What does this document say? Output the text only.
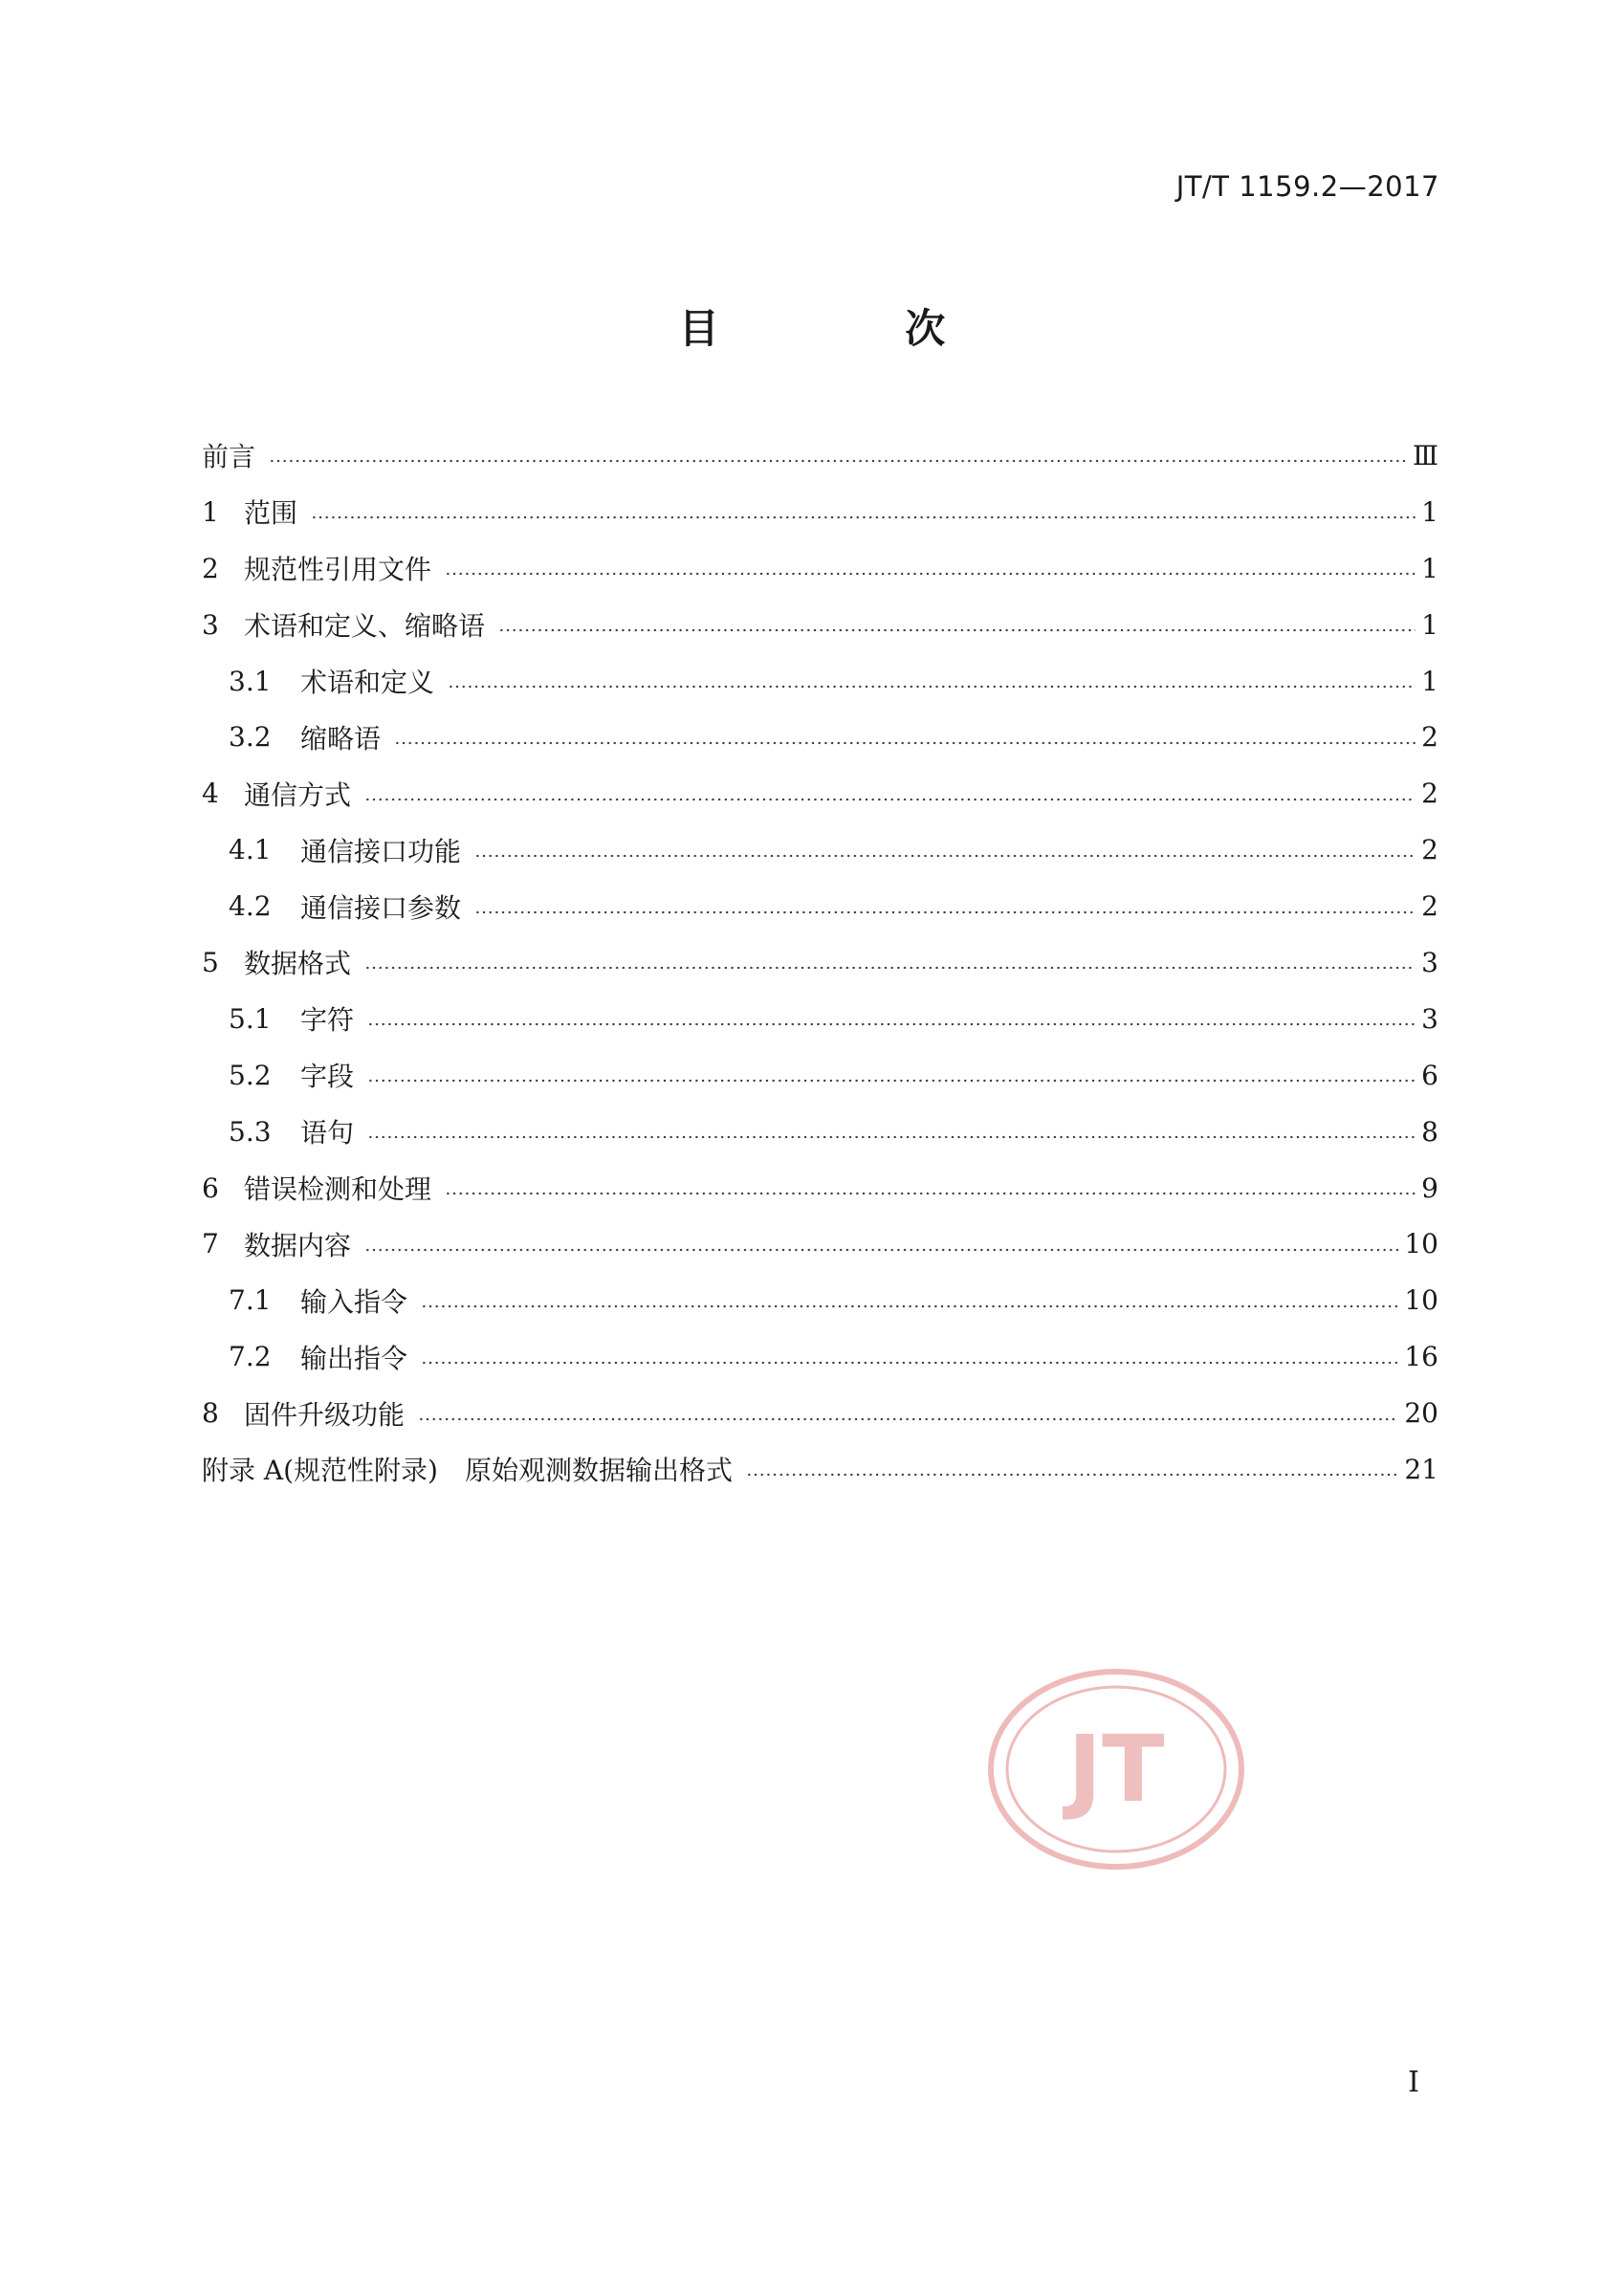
JT/T 1159.2—2017
目 次
前言	Ⅲ
1 范围	1
2 规范性引用文件	1
3 术语和定义、缩略语	1
3.1	术语和定义	1
3.2	缩略语	2
4 通信方式	2
4.1	通信接口功能	2
4.2	通信接口参数	2
5 数据格式	3
5.1	字符	3
5.2	字段	6
5.3	语句	8
6 错误检测和处理	9
7 数据内容	10
7.1	输入指令	10
7.2	输出指令	16
8 固件升级功能	20
附录 A(规范性附录)　原始观测数据输出格式	21
JT
I
